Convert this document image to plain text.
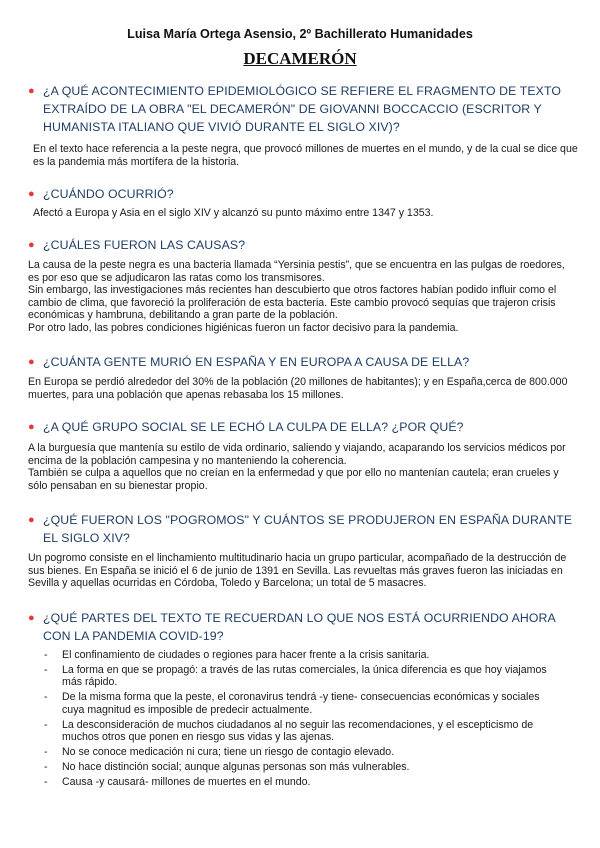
Luisa María Ortega Asensio, 2º Bachillerato Humanidades
DECAMERÓN
● ¿A QUÉ ACONTECIMIENTO EPIDEMIOLÓGICO SE REFIERE EL FRAGMENTO DE TEXTO EXTRAÍDO DE LA OBRA "EL DECAMERÓN" DE GIOVANNI BOCCACCIO (ESCRITOR Y HUMANISTA ITALIANO QUE VIVIÓ DURANTE EL SIGLO XIV)?
En el texto hace referencia a la peste negra, que provocó millones de muertes en el mundo, y de la cual se dice que es la pandemia más mortífera de la historia.
● ¿CUÁNDO OCURRIÓ?
Afectó a Europa y Asia en el siglo XIV y alcanzó su punto máximo entre 1347 y 1353.
● ¿CUÁLES FUERON LAS CAUSAS?
La causa de la peste negra es una bacteria llamada “Yersinia pestis”, que se encuentra en las pulgas de roedores, es por eso que se adjudicaron las ratas como los transmisores.
Sin embargo, las investigaciones más recientes han descubierto que otros factores habían podido influir como el cambio de clima, que favoreció la proliferación de esta bacteria. Este cambio provocó sequías que trajeron crisis económicas y hambruna, debilitando a gran parte de la población.
Por otro lado, las pobres condiciones higiénicas fueron un factor decisivo para la pandemia.
● ¿CUÁNTA GENTE MURIÓ EN ESPAÑA Y EN EUROPA A CAUSA DE ELLA?
En Europa se perdió alrededor del 30% de la población (20 millones de habitantes); y en España,cerca de 800.000 muertes, para una población que apenas rebasaba los 15 millones.
● ¿A QUÉ GRUPO SOCIAL SE LE ECHÓ LA CULPA DE ELLA? ¿POR QUÉ?
A la burguesía que mantenía su estilo de vida ordinario, saliendo y viajando, acaparando los servicios médicos por encima de la población campesina y no manteniendo la coherencia.
También se culpa a aquellos que no creían en la enfermedad y que por ello no mantenían cautela; eran crueles y sólo pensaban en su bienestar propio.
● ¿QUÉ FUERON LOS "POGROMOS" Y CUÁNTOS SE PRODUJERON EN ESPAÑA DURANTE EL SIGLO XIV?
Un pogromo consiste en el linchamiento multitudinario hacia un grupo particular, acompañado de la destrucción de sus bienes. En España se inició el 6 de junio de 1391 en Sevilla. Las revueltas más graves fueron las iniciadas en Sevilla y aquellas ocurridas en Córdoba, Toledo y Barcelona; un total de 5 masacres.
● ¿QUÉ PARTES DEL TEXTO TE RECUERDAN LO QUE NOS ESTÁ OCURRIENDO AHORA CON LA PANDEMIA COVID-19?
- El confinamiento de ciudades o regiones para hacer frente a la crisis sanitaria.
- La forma en que se propagó: a través de las rutas comerciales, la única diferencia es que hoy viajamos más rápido.
- De la misma forma que la peste, el coronavirus tendrá -y tiene- consecuencias económicas y sociales cuya magnitud es imposible de predecir actualmente.
- La desconsideración de muchos ciudadanos al no seguir las recomendaciones, y el escepticismo de muchos otros que ponen en riesgo sus vidas y las ajenas.
- No se conoce medicación ni cura; tiene un riesgo de contagio elevado.
- No hace distinción social; aunque algunas personas son más vulnerables.
- Causa -y causará- millones de muertes en el mundo.
